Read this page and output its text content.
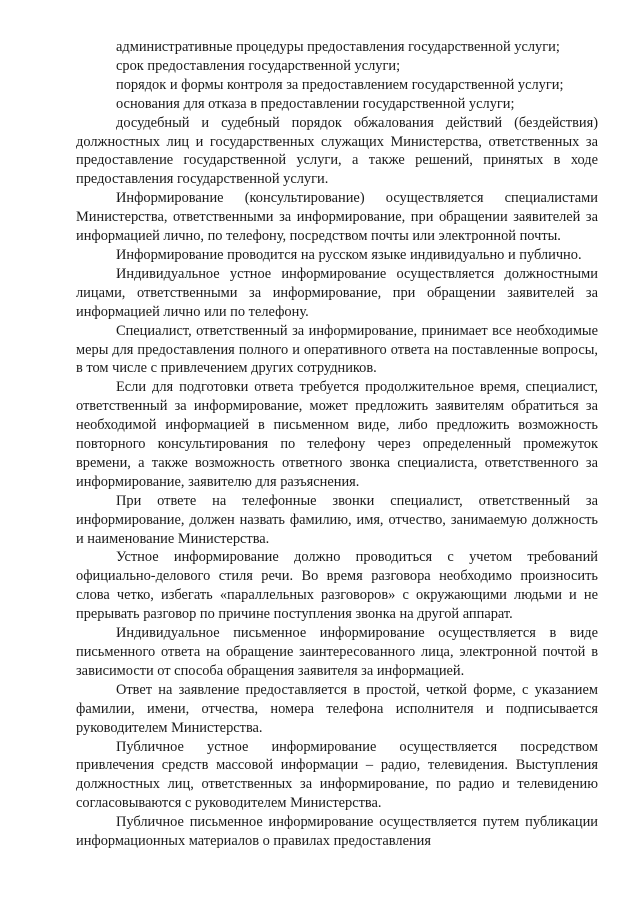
административные процедуры предоставления государственной услуги;

срок предоставления государственной услуги;

порядок и формы контроля за предоставлением государственной услуги;

основания для отказа в предоставлении государственной услуги;

досудебный и судебный порядок обжалования действий (бездействия) должностных лиц и государственных служащих Министерства, ответственных за предоставление государственной услуги, а также решений, принятых в ходе предоставления государственной услуги.

Информирование (консультирование) осуществляется специалистами Министерства, ответственными за информирование, при обращении заявителей за информацией лично, по телефону, посредством почты или электронной почты.

Информирование проводится на русском языке индивидуально и публично.

Индивидуальное устное информирование осуществляется должностными лицами, ответственными за информирование, при обращении заявителей за информацией лично или по телефону.

Специалист, ответственный за информирование, принимает все необходимые меры для предоставления полного и оперативного ответа на поставленные вопросы, в том числе с привлечением других сотрудников.

Если для подготовки ответа требуется продолжительное время, специалист, ответственный за информирование, может предложить заявителям обратиться за необходимой информацией в письменном виде, либо предложить возможность повторного консультирования по телефону через определенный промежуток времени, а также возможность ответного звонка специалиста, ответственного за информирование, заявителю для разъяснения.

При ответе на телефонные звонки специалист, ответственный за информирование, должен назвать фамилию, имя, отчество, занимаемую должность и наименование Министерства.

Устное информирование должно проводиться с учетом требований официально-делового стиля речи. Во время разговора необходимо произносить слова четко, избегать «параллельных разговоров» с окружающими людьми и не прерывать разговор по причине поступления звонка на другой аппарат.

Индивидуальное письменное информирование осуществляется в виде письменного ответа на обращение заинтересованного лица, электронной почтой в зависимости от способа обращения заявителя за информацией.

Ответ на заявление предоставляется в простой, четкой форме, с указанием фамилии, имени, отчества, номера телефона исполнителя и подписывается руководителем Министерства.

Публичное устное информирование осуществляется посредством привлечения средств массовой информации – радио, телевидения. Выступления должностных лиц, ответственных за информирование, по радио и телевидению согласовываются с руководителем Министерства.

Публичное письменное информирование осуществляется путем публикации информационных материалов о правилах предоставления
